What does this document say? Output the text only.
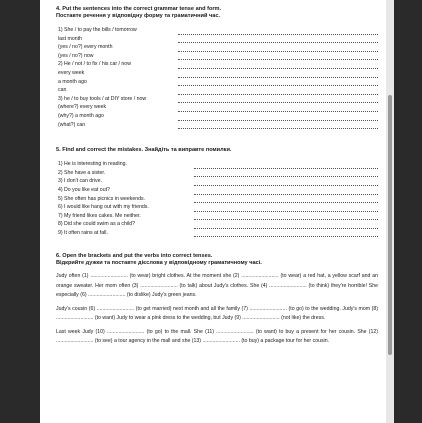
4. Put the sentences into the correct grammar tense and form.
Поставте речення у відповідну форму та граматичний час.
1) She / to pay the bills / tomorrow
last month
(yes / no?) every month
(yes / no?) now
2) He / not / to fix / his car / now
every week
a month ago
can
3) he / to buy tools / at DIY store / now
(where?) every week
(why?) a month ago
(what?) can
5. Find and correct the mistakes. Знайдіть та виправте помилки.
1) He is interesting in reading.
2) She have a sister.
3) I don't can drive.
4) Do you like eat out?
5) She often has picnics in weekends.
6) I would like hang out with my friends.
7) My friend likes cakes. Me neither.
8) Did she could swim as a child?
9) It often rains at fall.
6. Open the brackets and put the verbs into correct tenses.
Відкрийте дужки та поставте дієслова у відповідному граматичному часі.

Judy often (1) .......................... (to wear) bright clothes. At the moment she (2) .......................... (to wear) a red hat, a yellow scarf and an orange sweater. Her mom often (3) .......................... (to talk) about Judy's clothes. She (4) .......................... (to think) they're horrible! She especially (6) .......................... (to dislike) Judy's green jeans.

Judy's cousin (6) .......................... (to get married) next month and all the family (7) .......................... (to go) to the wedding. Judy's mom (8) .......................... (to want) Judy to wear a pink dress to the wedding, but Judy (9) .......................... (not like) the dress.

Last week Judy (10) .......................... (to go) to the mall. She (11) .......................... (to want) to buy a present for her cousin. She (12) .......................... (to see) a tour agency in the mall and she (13) .......................... (to buy) a package tour for her cousin.
